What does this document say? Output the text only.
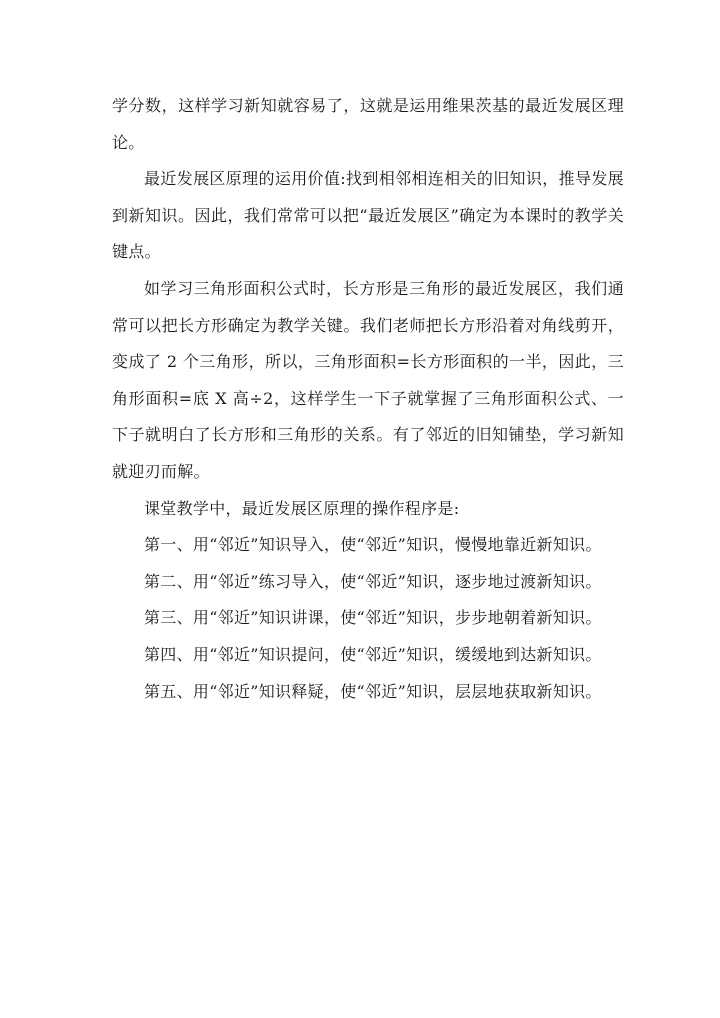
学分数，这样学习新知就容易了，这就是运用维果茨基的最近发展区理论。

最近发展区原理的运用价值:找到相邻相连相关的旧知识，推导发展到新知识。因此，我们常常可以把“最近发展区”确定为本课时的教学关键点。

如学习三角形面积公式时，长方形是三角形的最近发展区，我们通常可以把长方形确定为教学关键。我们老师把长方形沿着对角线剪开，变成了 2 个三角形，所以，三角形面积=长方形面积的一半，因此，三角形面积=底 X 高÷2，这样学生一下子就掌握了三角形面积公式、一下子就明白了长方形和三角形的关系。有了邻近的旧知铺垫，学习新知就迎刃而解。

课堂教学中，最近发展区原理的操作程序是:

第一、用“邻近”知识导入，使“邻近”知识，慢慢地靠近新知识。

第二、用“邻近”练习导入，使“邻近”知识，逐步地过渡新知识。

第三、用“邻近”知识讲课，使“邻近”知识，步步地朝着新知识。

第四、用“邻近”知识提问，使“邻近”知识，缓缓地到达新知识。

第五、用“邻近”知识释疑，使“邻近”知识，层层地获取新知识。
